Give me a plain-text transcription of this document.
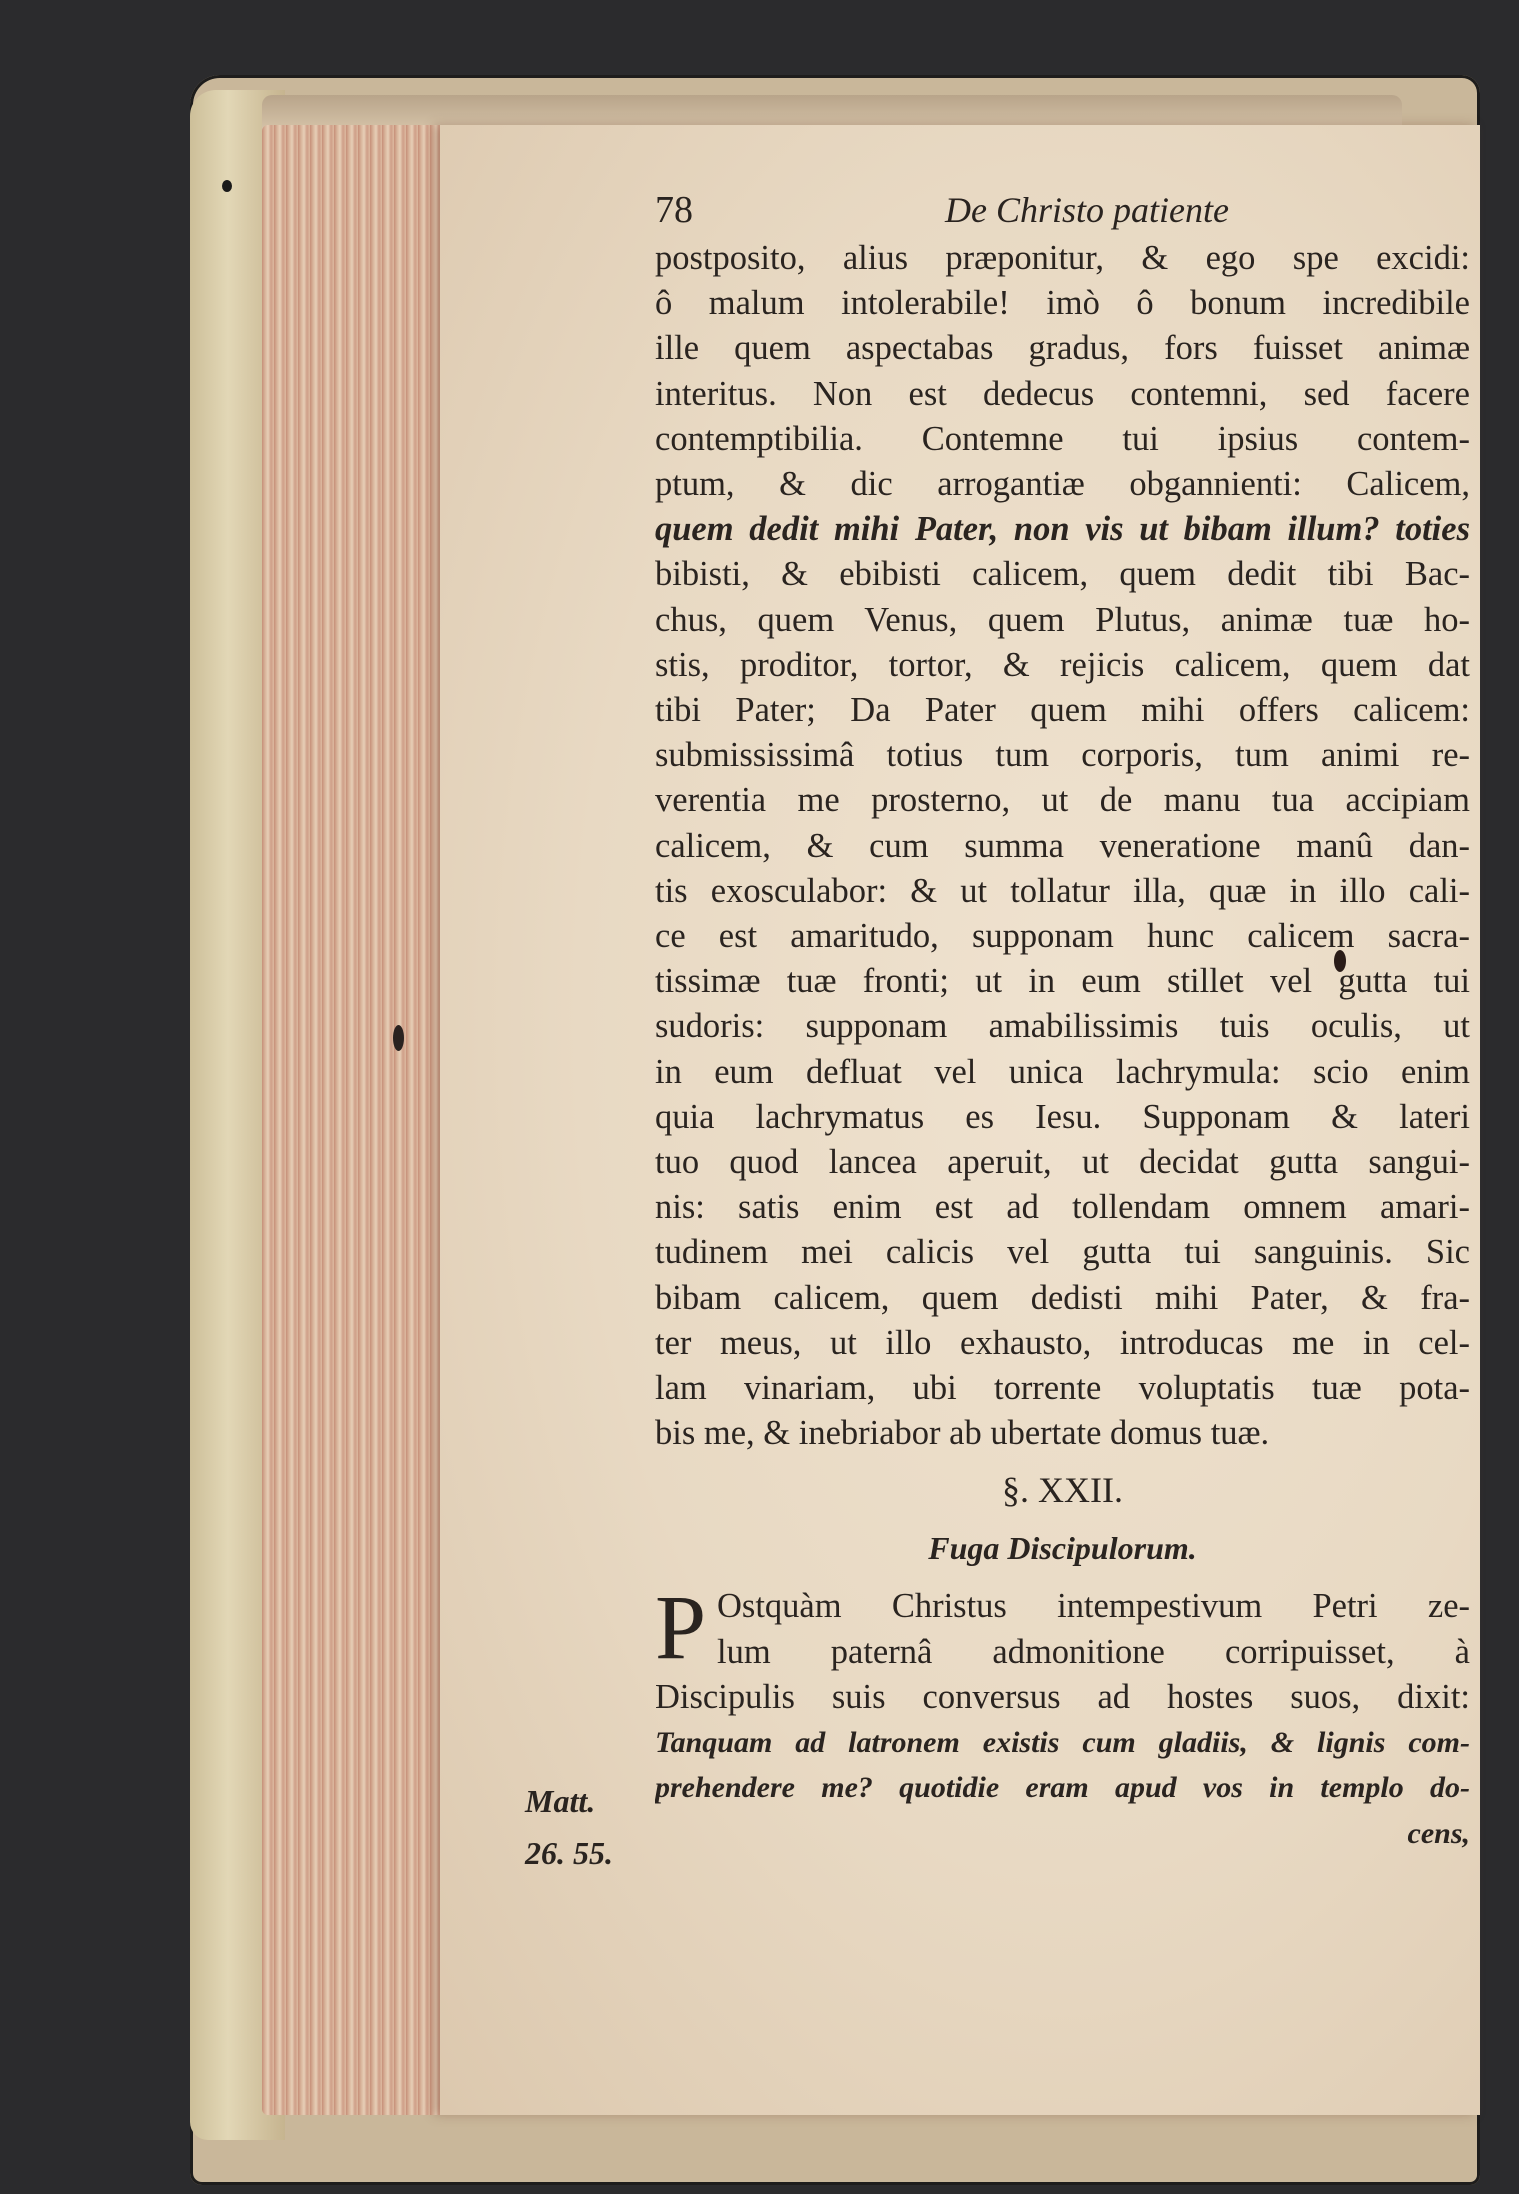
78	De Christo patiente
postposito, alius præponitur, & ego spe excidi:
ô malum intolerabile! imò ô bonum incredibile
ille quem aspectabas gradus, fors fuisset animæ
interitus. Non est dedecus contemni, sed facere
contemptibilia. Contemne tui ipsius contem-
ptum, & dic arrogantiæ obgannienti: Calicem,
quem dedit mihi Pater, non vis ut bibam illum? toties
bibisti, & ebibisti calicem, quem dedit tibi Bac-
chus, quem Venus, quem Plutus, animæ tuæ ho-
stis, proditor, tortor, & rejicis calicem, quem dat
tibi Pater; Da Pater quem mihi offers calicem:
submississimâ totius tum corporis, tum animi re-
verentia me prosterno, ut de manu tua accipiam
calicem, & cum summa veneratione manû dan-
tis exosculabor: & ut tollatur illa, quæ in illo cali-
ce est amaritudo, supponam hunc calicem sacra-
tissimæ tuæ fronti; ut in eum stillet vel gutta tui
sudoris: supponam amabilissimis tuis oculis, ut
in eum defluat vel unica lachrymula: scio enim
quia lachrymatus es Iesu. Supponam & lateri
tuo quod lancea aperuit, ut decidat gutta sangui-
nis: satis enim est ad tollendam omnem amari-
tudinem mei calicis vel gutta tui sanguinis. Sic
bibam calicem, quem dedisti mihi Pater, & fra-
ter meus, ut illo exhausto, introducas me in cel-
lam vinariam, ubi torrente voluptatis tuæ pota-
bis me, & inebriabor ab ubertate domus tuæ.
§. XXII.
Fuga Discipulorum.
P Ostquàm Christus intempestivum Petri ze-
lum paternâ admonitione corripuisset, à
Discipulis suis conversus ad hostes suos, dixit:
Tanquam ad latronem existis cum gladiis, & lignis com-
prehendere me? quotidie eram apud vos in templo do-
cens,
Matt.
26. 55.
